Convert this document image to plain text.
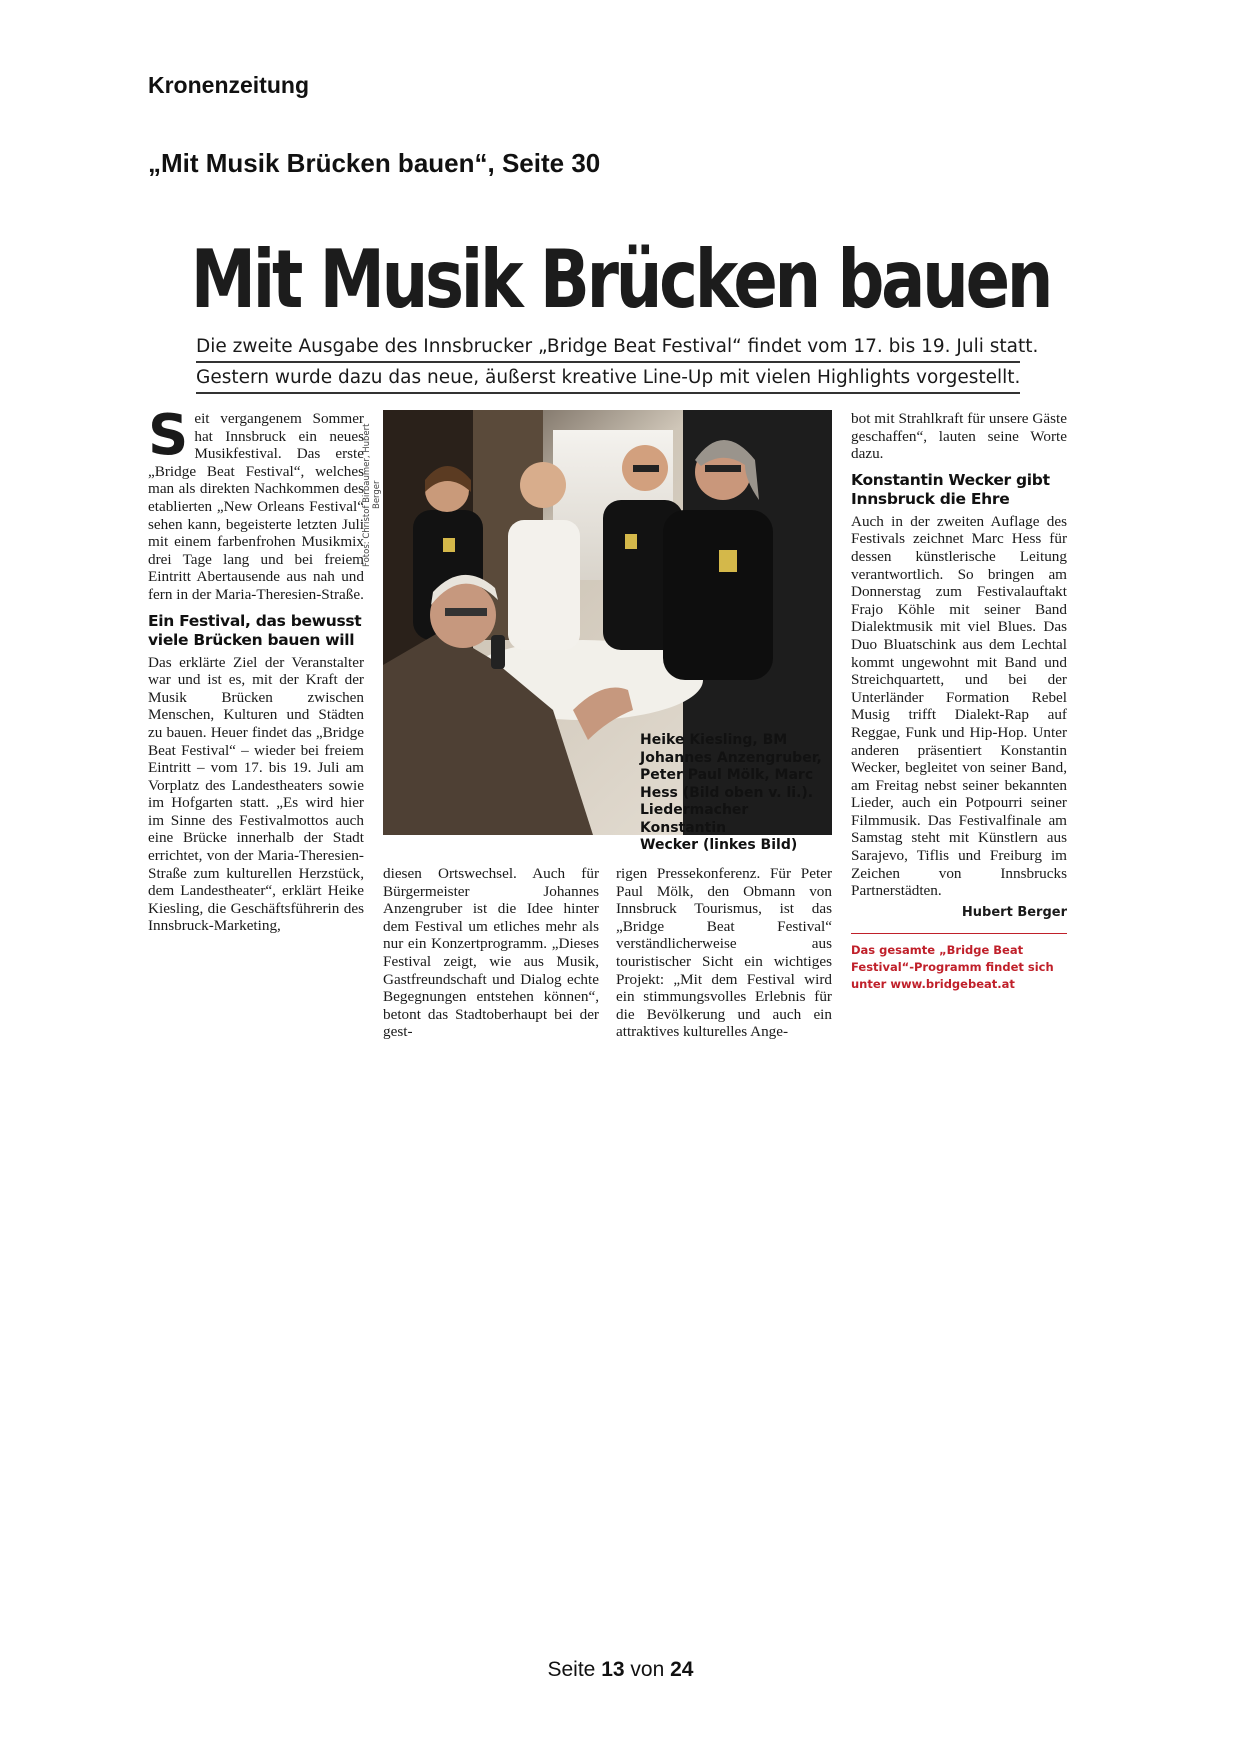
Kronenzeitung
„Mit Musik Brücken bauen“, Seite 30
Mit Musik Brücken bauen
Die zweite Ausgabe des Innsbrucker „Bridge Beat Festival“ findet vom 17. bis 19. Juli statt.
Gestern wurde dazu das neue, äußerst kreative Line-Up mit vielen Highlights vorgestellt.
S eit vergangenem Sommer hat Innsbruck ein neues Musikfestival. Das erste „Bridge Beat Festival“, welches man als direkten Nachkommen des etablierten „New Orleans Festival“ sehen kann, begeisterte letzten Juli mit einem farbenfrohen Musikmix drei Tage lang und bei freiem Eintritt Abertausende aus nah und fern in der Maria-Theresien-Straße.

Ein Festival, das bewusst viele Brücken bauen will

Das erklärte Ziel der Veranstalter war und ist es, mit der Kraft der Musik Brücken zwischen Menschen, Kulturen und Städten zu bauen. Heuer findet das „Bridge Beat Festival“ – wieder bei freiem Eintritt – vom 17. bis 19. Juli am Vorplatz des Landestheaters sowie im Hofgarten statt. „Es wird hier im Sinne des Festivalmottos auch eine Brücke innerhalb der Stadt errichtet, von der Maria-Theresien-Straße zum kulturellen Herzstück, dem Landestheater“, erklärt Heike Kiesling, die Geschäftsführerin des Innsbruck-Marketing,

Fotos: Christof Birbaumer, Hubert Berger
Heike Kiesling, BM
Johannes Anzengruber,
Peter Paul Mölk, Marc
Hess (Bild oben v. li.).
Liedermacher Konstantin
Wecker (linkes Bild)

diesen Ortswechsel. Auch für Bürgermeister Johannes Anzengruber ist die Idee hinter dem Festival um etliches mehr als nur ein Konzertprogramm. „Dieses Festival zeigt, wie aus Musik, Gastfreundschaft und Dialog echte Begegnungen entstehen können“, betont das Stadtoberhaupt bei der gest-

rigen Pressekonferenz. Für Peter Paul Mölk, den Obmann von Innsbruck Tourismus, ist das „Bridge Beat Festival“ verständlicherweise aus touristischer Sicht ein wichtiges Projekt: „Mit dem Festival wird ein stimmungsvolles Erlebnis für die Bevölkerung und auch ein attraktives kulturelles Ange-

bot mit Strahlkraft für unsere Gäste geschaffen“, lauten seine Worte dazu.

Konstantin Wecker gibt Innsbruck die Ehre

Auch in der zweiten Auflage des Festivals zeichnet Marc Hess für dessen künstlerische Leitung verantwortlich. So bringen am Donnerstag zum Festivalauftakt Frajo Köhle mit seiner Band Dialektmusik mit viel Blues. Das Duo Bluatschink aus dem Lechtal kommt ungewohnt mit Band und Streichquartett, und bei der Unterländer Formation Rebel Musig trifft Dialekt-Rap auf Reggae, Funk und Hip-Hop. Unter anderen präsentiert Konstantin Wecker, begleitet von seiner Band, am Freitag nebst seiner bekannten Lieder, auch ein Potpourri seiner Filmmusik. Das Festivalfinale am Samstag steht mit Künstlern aus Sarajevo, Tiflis und Freiburg im Zeichen von Innsbrucks Partnerstädten.

Hubert Berger
Das gesamte „Bridge Beat Festival“-Programm findet sich unter www.bridgebeat.at
Seite 13 von 24
